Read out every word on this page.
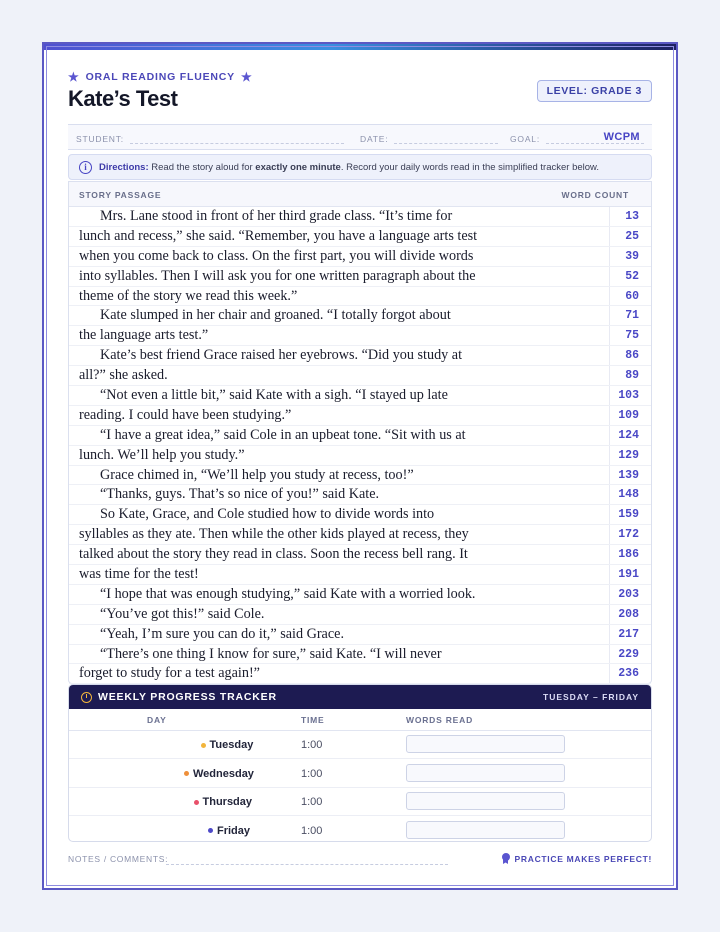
★ ORAL READING FLUENCY ★
Kate’s Test	LEVEL: GRADE 3
STUDENT:	DATE:	GOAL:	WCPM
i	Directions: Read the story aloud for exactly one minute. Record your daily words read in the simplified tracker below.
STORY PASSAGE	WORD COUNT
Mrs. Lane stood in front of her third grade class. “It’s time for	13
lunch and recess,” she said. “Remember, you have a language arts test	25
when you come back to class. On the first part, you will divide words	39
into syllables. Then I will ask you for one written paragraph about the	52
theme of the story we read this week.”	60
Kate slumped in her chair and groaned. “I totally forgot about	71
the language arts test.”	75
Kate’s best friend Grace raised her eyebrows. “Did you study at	86
all?” she asked.	89
“Not even a little bit,” said Kate with a sigh. “I stayed up late	103
reading. I could have been studying.”	109
“I have a great idea,” said Cole in an upbeat tone. “Sit with us at	124
lunch. We’ll help you study.”	129
Grace chimed in, “We’ll help you study at recess, too!”	139
“Thanks, guys. That’s so nice of you!” said Kate.	148
So Kate, Grace, and Cole studied how to divide words into	159
syllables as they ate. Then while the other kids played at recess, they	172
talked about the story they read in class. Soon the recess bell rang. It	186
was time for the test!	191
“I hope that was enough studying,” said Kate with a worried look.	203
“You’ve got this!” said Cole.	208
“Yeah, I’m sure you can do it,” said Grace.	217
“There’s one thing I know for sure,” said Kate. “I will never	229
forget to study for a test again!”	236
WEEKLY PROGRESS TRACKER	TUESDAY – FRIDAY
DAY	TIME	WORDS READ
Tuesday	1:00
Wednesday	1:00
Thursday	1:00
Friday	1:00
NOTES / COMMENTS:	PRACTICE MAKES PERFECT!
